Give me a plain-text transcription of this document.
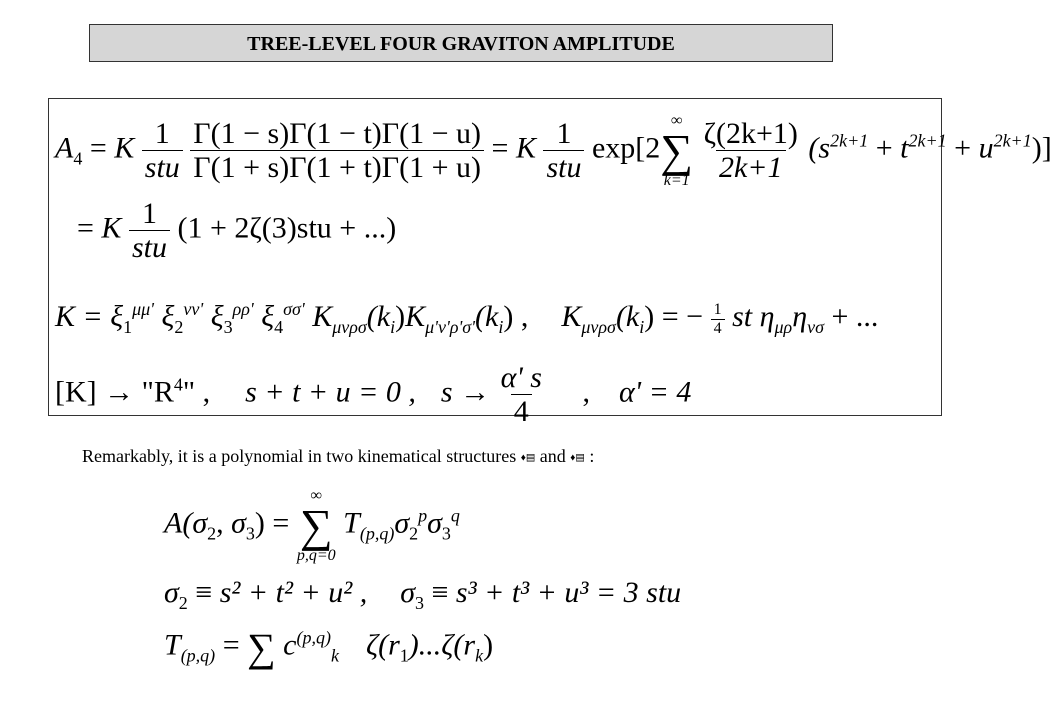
TREE-LEVEL FOUR GRAVITON AMPLITUDE
$A_4 = K \frac{1}{\text{stu}}$
$\frac{\Gamma(1 - s)\Gamma(1 - t)\Gamma(1 - u)}{\Gamma(1 + s)\Gamma(1 + t)\Gamma(1 + u)} = K \frac{1}{\text{stu}} \exp[2$
∞
∑
k=1
$\frac{\zeta(2k+1)}{2k+1} (s^{2k+1} + t^{2k+1} + u^{2k+1})$]
= K $\frac{1}{\text{stu}} (1 + 2\zeta(3)stu$ + ...)
$K = \xi_1^{\mu\mu'}$ $\xi_2^{\nu\nu'}$ $\xi_3^{\rho\rho'}$ $\xi_4^{\sigma\sigma'}$ $K_{\mu\nu\rho\sigma}(k_i)K_{\mu'\nu'\rho'\sigma'}(k_i)$ , $K_{\mu\nu\rho\sigma}(k_i)$ = − $\frac{1}{4}$ st $\eta_{\mu\rho}\eta_{\nu\sigma}$ + ...
$[K] \to "R^4$" , s + t + u = 0 , $s \to \frac{\alpha' s}{4}$ , α' = 4
Remarkably, it is a polynomial in two kinematical structures ♦▤ and ♦▤ :
$A(\sigma_2$, $\sigma_3$) =
∞
∑
p,q=0
$T_{(p,q)}\sigma_2^p\sigma_3^q$
$\sigma_2 \equiv s^2 + t^2 + u^2$ , $\sigma_3 \equiv s^3 + t^3 + u^3 = 3$ stu
$T_{(p,q)}$ = ∑ $c^{(p,q)}_k$ $\zeta(r_1)...\zeta(r_k)$
